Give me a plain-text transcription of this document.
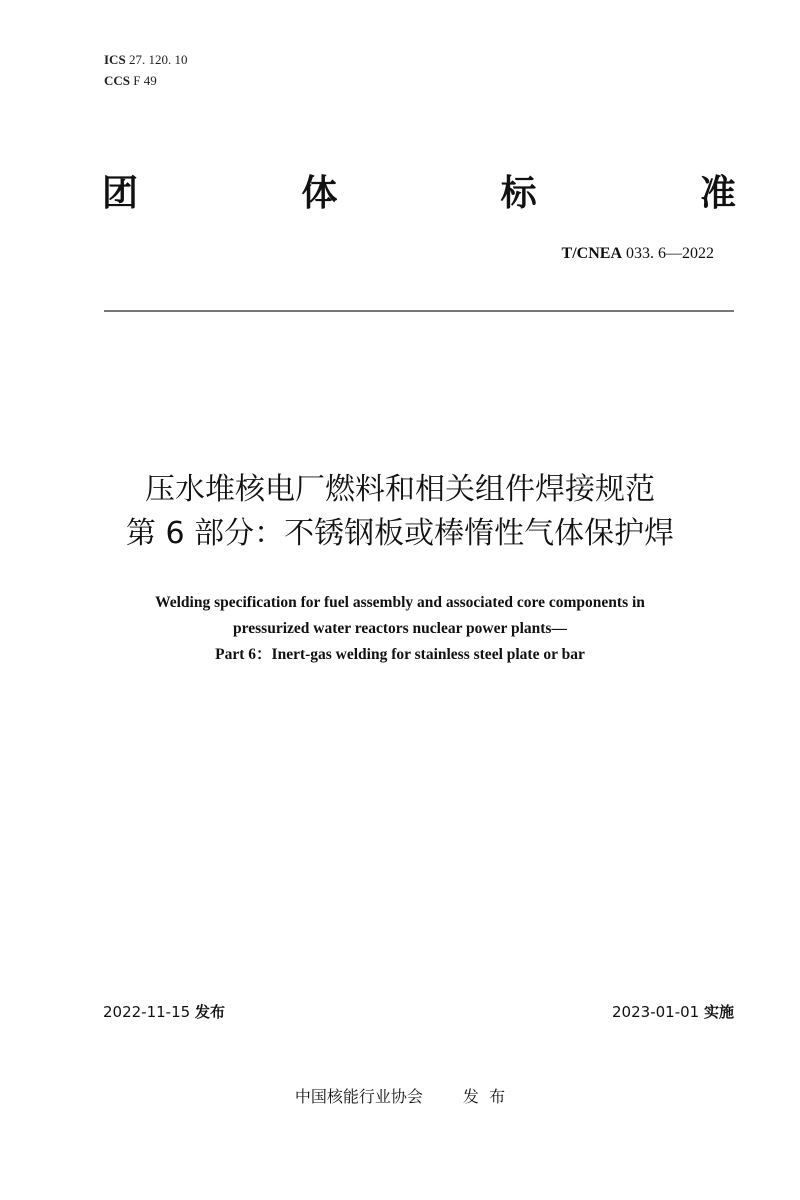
ICS 27. 120. 10
CCS F 49
团	体	标	准
T/CNEA 033. 6—2022
压水堆核电厂燃料和相关组件焊接规范
第 6 部分：不锈钢板或棒惰性气体保护焊
Welding specification for fuel assembly and associated core components in
pressurized water reactors nuclear power plants—
Part 6：Inert-gas welding for stainless steel plate or bar
2022-11-15 发布	2023-01-01 实施
中国核能行业协会	发  布
